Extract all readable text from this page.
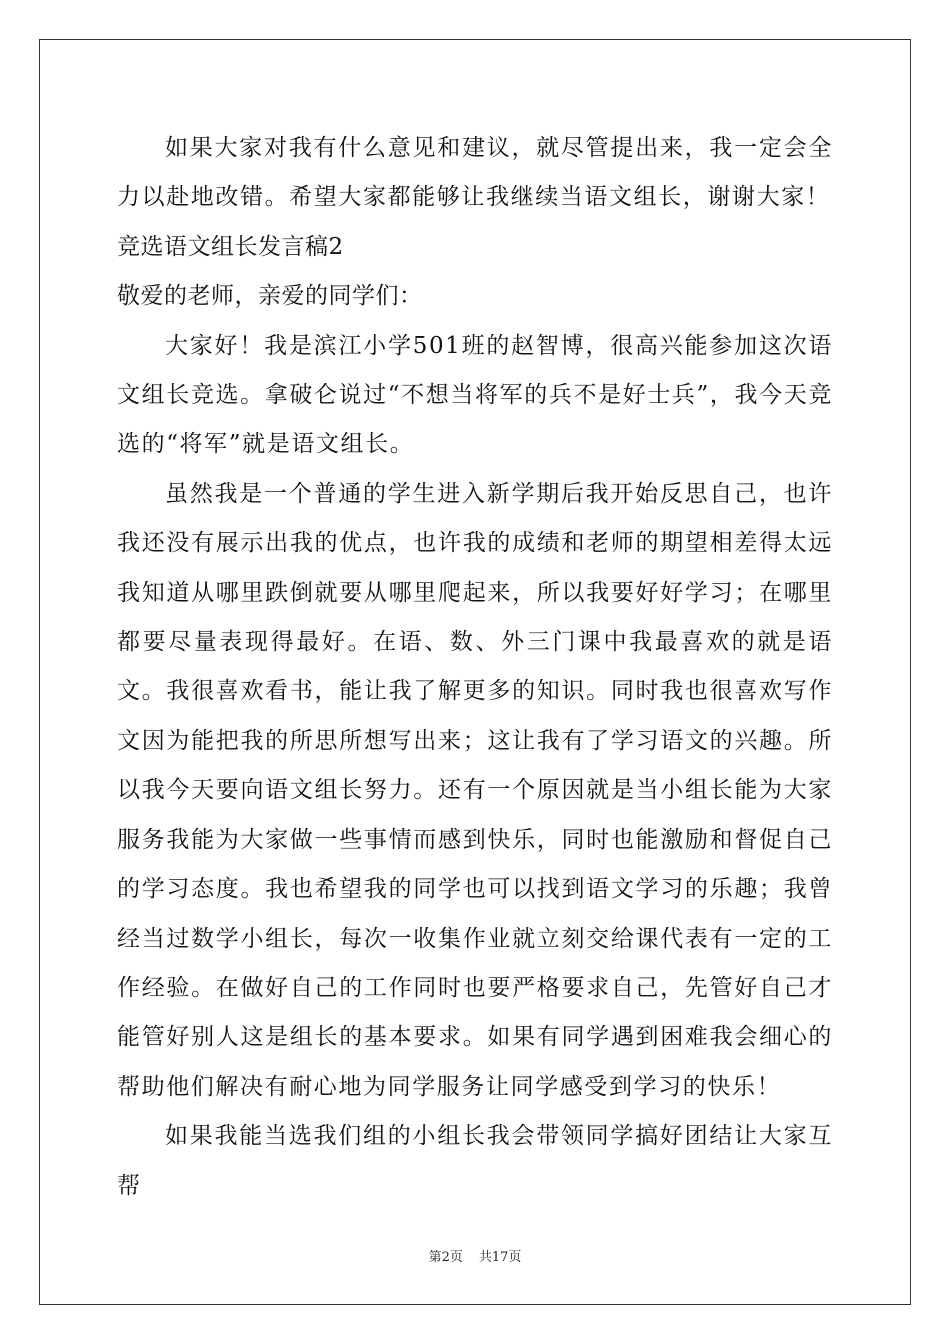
如果大家对我有什么意见和建议，就尽管提出来，我一定会全力以赴地改错。希望大家都能够让我继续当语文组长，谢谢大家！

竞选语文组长发言稿2

敬爱的老师，亲爱的同学们：

大家好！我是滨江小学501班的赵智博，很高兴能参加这次语文组长竞选。拿破仑说过“不想当将军的兵不是好士兵”，我今天竞选的“将军”就是语文组长。

虽然我是一个普通的学生进入新学期后我开始反思自己，也许我还没有展示出我的优点，也许我的成绩和老师的期望相差得太远我知道从哪里跌倒就要从哪里爬起来，所以我要好好学习；在哪里都要尽量表现得最好。在语、数、外三门课中我最喜欢的就是语文。我很喜欢看书，能让我了解更多的知识。同时我也很喜欢写作文因为能把我的所思所想写出来；这让我有了学习语文的兴趣。所以我今天要向语文组长努力。还有一个原因就是当小组长能为大家服务我能为大家做一些事情而感到快乐，同时也能激励和督促自己的学习态度。我也希望我的同学也可以找到语文学习的乐趣；我曾经当过数学小组长，每次一收集作业就立刻交给课代表有一定的工作经验。在做好自己的工作同时也要严格要求自己，先管好自己才能管好别人这是组长的基本要求。如果有同学遇到困难我会细心的帮助他们解决有耐心地为同学服务让同学感受到学习的快乐！

如果我能当选我们组的小组长我会带领同学搞好团结让大家互帮

第2页 共17页
